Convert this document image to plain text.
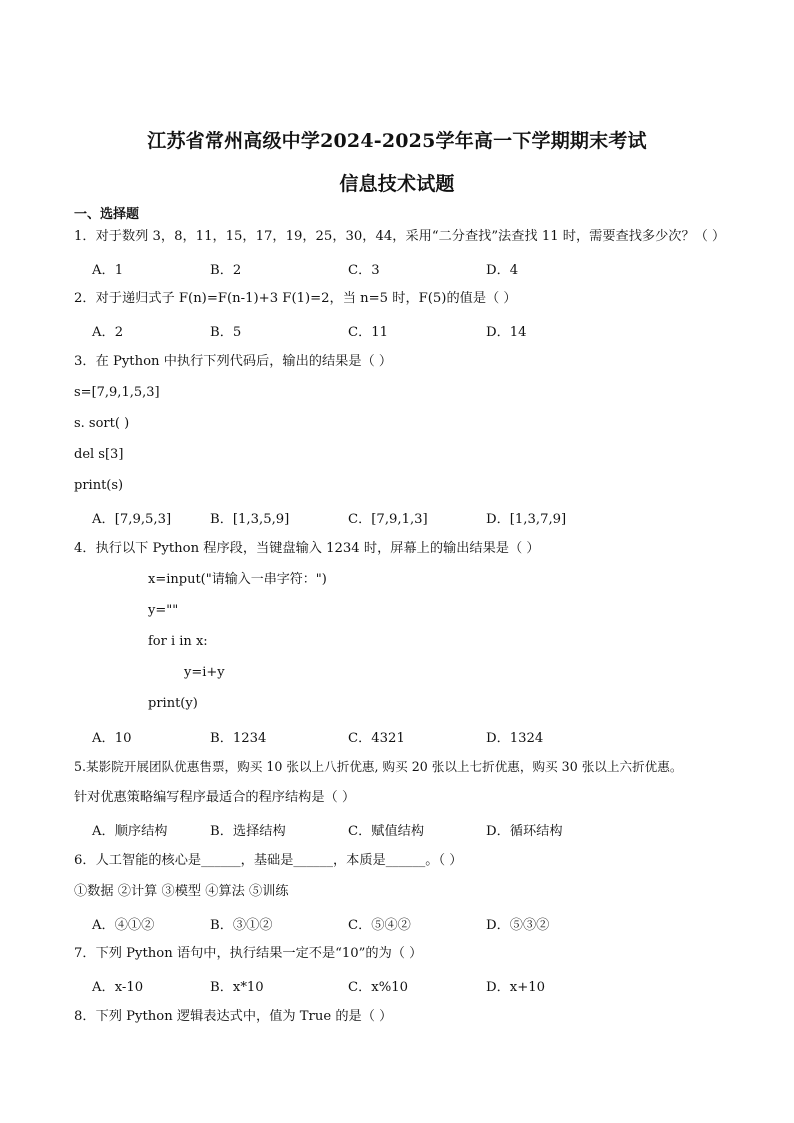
江苏省常州高级中学2024-2025学年高一下学期期末考试
信息技术试题
一、选择题
1．对于数列 3，8，11，15，17，19，25，30，44，采用“二分查找”法查找 11 时，需要查找多少次？（ ）
A．1	B．2	C．3	D．4
2．对于递归式子 F(n)=F(n-1)+3 F(1)=2，当 n=5 时，F(5)的值是（ ）
A．2	B．5	C．11	D．14
3．在 Python 中执行下列代码后，输出的结果是（ ）
s=[7,9,1,5,3]
s. sort( )
del s[3]
print(s)
A．[7,9,5,3]	B．[1,3,5,9]	C．[7,9,1,3]	D．[1,3,7,9]
4．执行以下 Python 程序段，当键盘输入 1234 时，屏幕上的输出结果是（ ）
x=input("请输入一串字符：")
y=""
for i in x:
y=i+y
print(y)
A．10	B．1234	C．4321	D．1324
5.某影院开展团队优惠售票，购买 10 张以上八折优惠, 购买 20 张以上七折优惠，购买 30 张以上六折优惠。
针对优惠策略编写程序最适合的程序结构是（ ）
A．顺序结构	B．选择结构	C．赋值结构	D．循环结构
6．人工智能的核心是______，基础是______，本质是______。（ ）
①数据 ②计算 ③模型 ④算法 ⑤训练
A．④①②	B．③①②	C．⑤④②	D．⑤③②
7．下列 Python 语句中，执行结果一定不是“10”的为（ ）
A．x-10	B．x*10	C．x%10	D．x+10
8．下列 Python 逻辑表达式中，值为 True 的是（ ）
